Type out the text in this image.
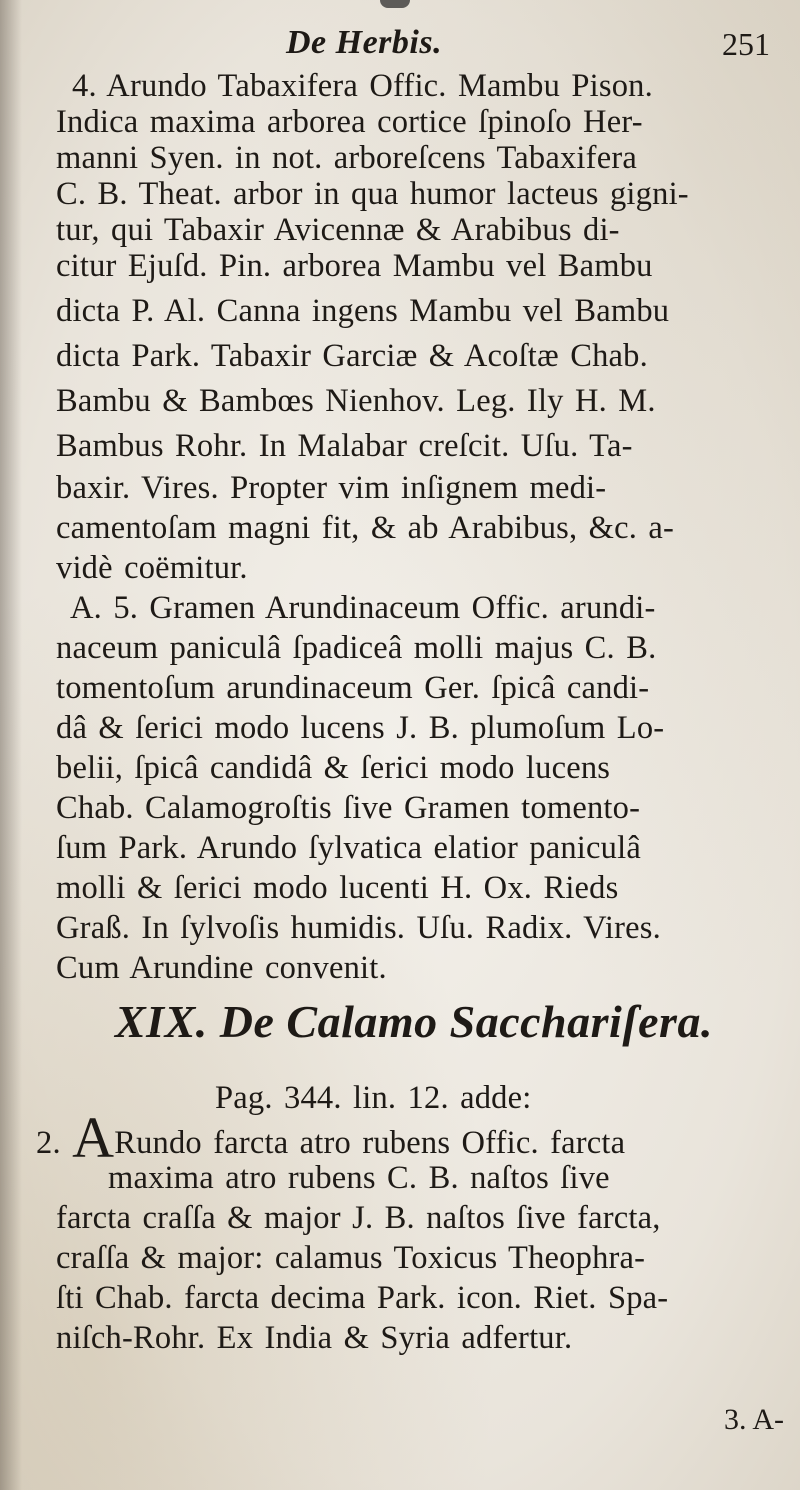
De Herbis.	251
4. Arundo Tabaxifera Offic. Mambu Pison.
Indica maxima arborea cortice ſpinoſo Her-
manni Syen. in not. arboreſcens Tabaxifera
C. B. Theat. arbor in qua humor lacteus gigni-
tur, qui Tabaxir Avicennæ & Arabibus di-
citur Ejuſd. Pin. arborea Mambu vel Bambu
dicta P. Al. Canna ingens Mambu vel Bambu
dicta Park. Tabaxir Garciæ & Acoſtæ Chab.
Bambu & Bambœs Nienhov. Leg. Ily H. M.
Bambus Rohr. In Malabar creſcit. Uſu. Ta-
baxir. Vires. Propter vim inſignem medi-
camentoſam magni fit, & ab Arabibus, &c. a-
vidè coëmitur.
A. 5. Gramen Arundinaceum Offic. arundi-
naceum paniculâ ſpadiceâ molli majus C. B.
tomentoſum arundinaceum Ger. ſpicâ candi-
dâ & ſerici modo lucens J. B. plumoſum Lo-
belii, ſpicâ candidâ & ſerici modo lucens
Chab. Calamogroſtis ſive Gramen tomento-
ſum Park. Arundo ſylvatica elatior paniculâ
molli & ſerici modo lucenti H. Ox. Rieds
Graß. In ſylvoſis humidis. Uſu. Radix. Vires.
Cum Arundine convenit.
XIX. De Calamo Sacchariſera.
Pag. 344. lin. 12. adde:
2. ARundo farcta atro rubens Offic. farcta
maxima atro rubens C. B. naſtos ſive
farcta craſſa & major J. B. naſtos ſive farcta,
craſſa & major: calamus Toxicus Theophra-
ſti Chab. farcta decima Park. icon. Riet. Spa-
niſch-Rohr. Ex India & Syria adfertur.
3. A-
